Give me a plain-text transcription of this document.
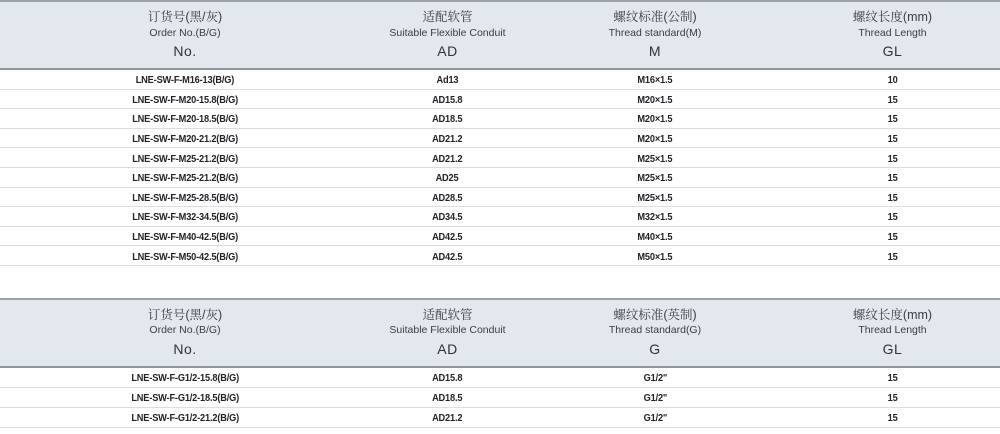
订货号(黑/灰)
Order No.(B/G)
No.
适配软管
Suitable Flexible Conduit
AD
螺纹标准(公制)
Thread standard(M)
M
螺纹长度(mm)
Thread Length
GL
LNE-SW-F-M16-13(B/G)	Ad13	M16×1.5	10
LNE-SW-F-M20-15.8(B/G)	AD15.8	M20×1.5	15
LNE-SW-F-M20-18.5(B/G)	AD18.5	M20×1.5	15
LNE-SW-F-M20-21.2(B/G)	AD21.2	M20×1.5	15
LNE-SW-F-M25-21.2(B/G)	AD21.2	M25×1.5	15
LNE-SW-F-M25-21.2(B/G)	AD25	M25×1.5	15
LNE-SW-F-M25-28.5(B/G)	AD28.5	M25×1.5	15
LNE-SW-F-M32-34.5(B/G)	AD34.5	M32×1.5	15
LNE-SW-F-M40-42.5(B/G)	AD42.5	M40×1.5	15
LNE-SW-F-M50-42.5(B/G)	AD42.5	M50×1.5	15
订货号(黑/灰)
Order No.(B/G)
No.
适配软管
Suitable Flexible Conduit
AD
螺纹标准(英制)
Thread standard(G)
G
螺纹长度(mm)
Thread Length
GL
LNE-SW-F-G1/2-15.8(B/G)	AD15.8	G1/2"	15
LNE-SW-F-G1/2-18.5(B/G)	AD18.5	G1/2"	15
LNE-SW-F-G1/2-21.2(B/G)	AD21.2	G1/2"	15
